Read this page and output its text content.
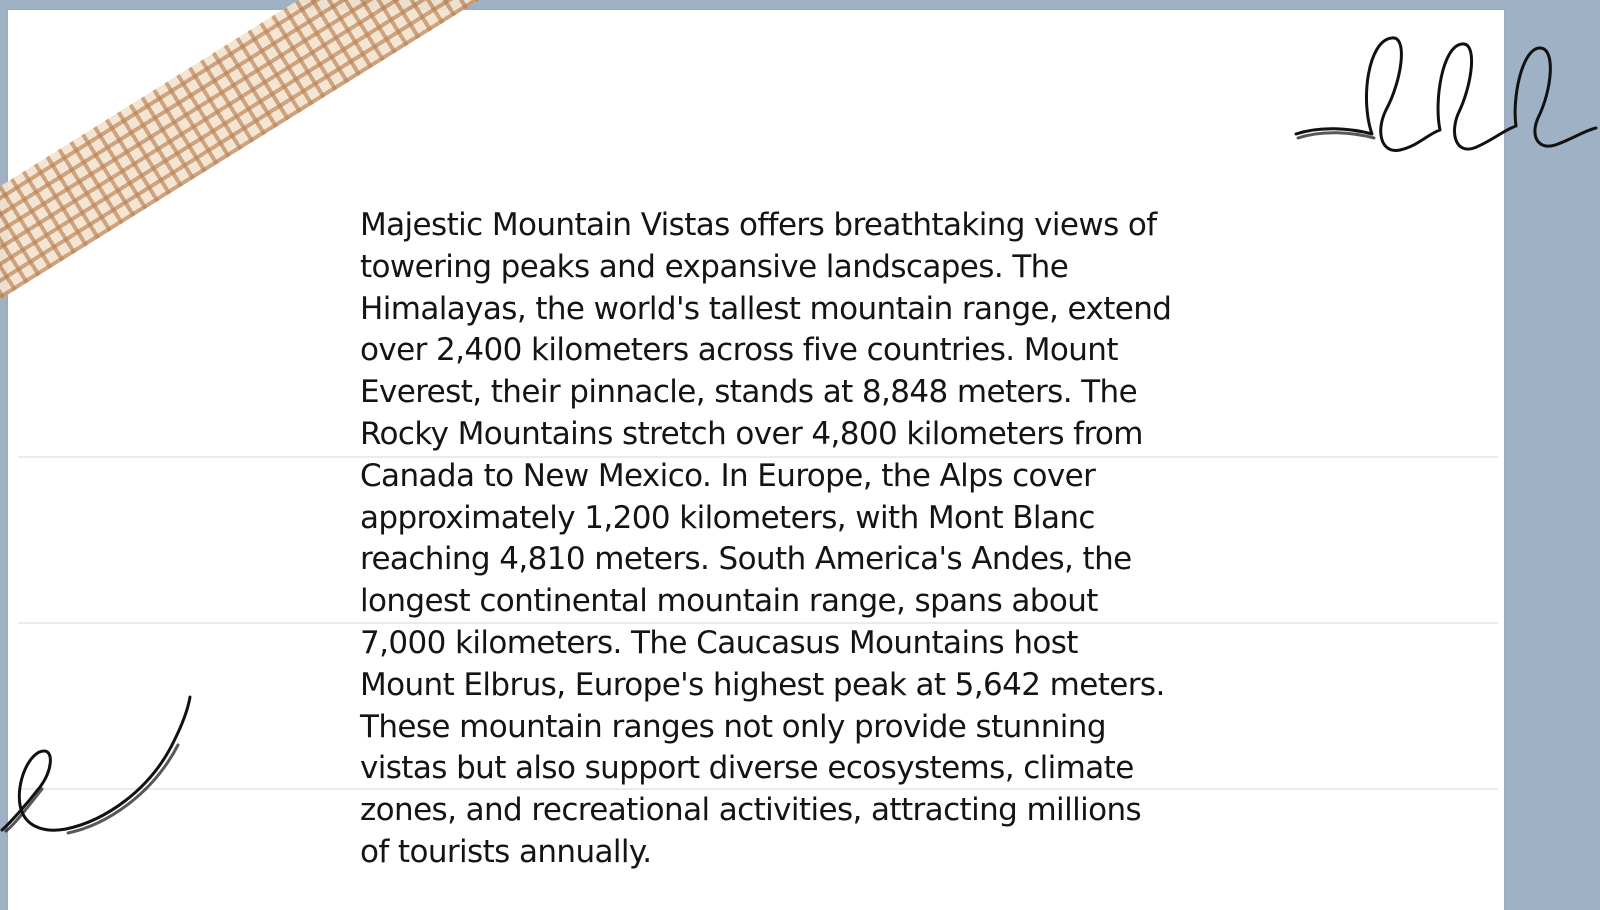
Majestic Mountain Vistas offers breathtaking views of
towering peaks and expansive landscapes. The
Himalayas, the world's tallest mountain range, extend
over 2,400 kilometers across five countries. Mount
Everest, their pinnacle, stands at 8,848 meters. The
Rocky Mountains stretch over 4,800 kilometers from
Canada to New Mexico. In Europe, the Alps cover
approximately 1,200 kilometers, with Mont Blanc
reaching 4,810 meters. South America's Andes, the
longest continental mountain range, spans about
7,000 kilometers. The Caucasus Mountains host
Mount Elbrus, Europe's highest peak at 5,642 meters.
These mountain ranges not only provide stunning
vistas but also support diverse ecosystems, climate
zones, and recreational activities, attracting millions
of tourists annually.
